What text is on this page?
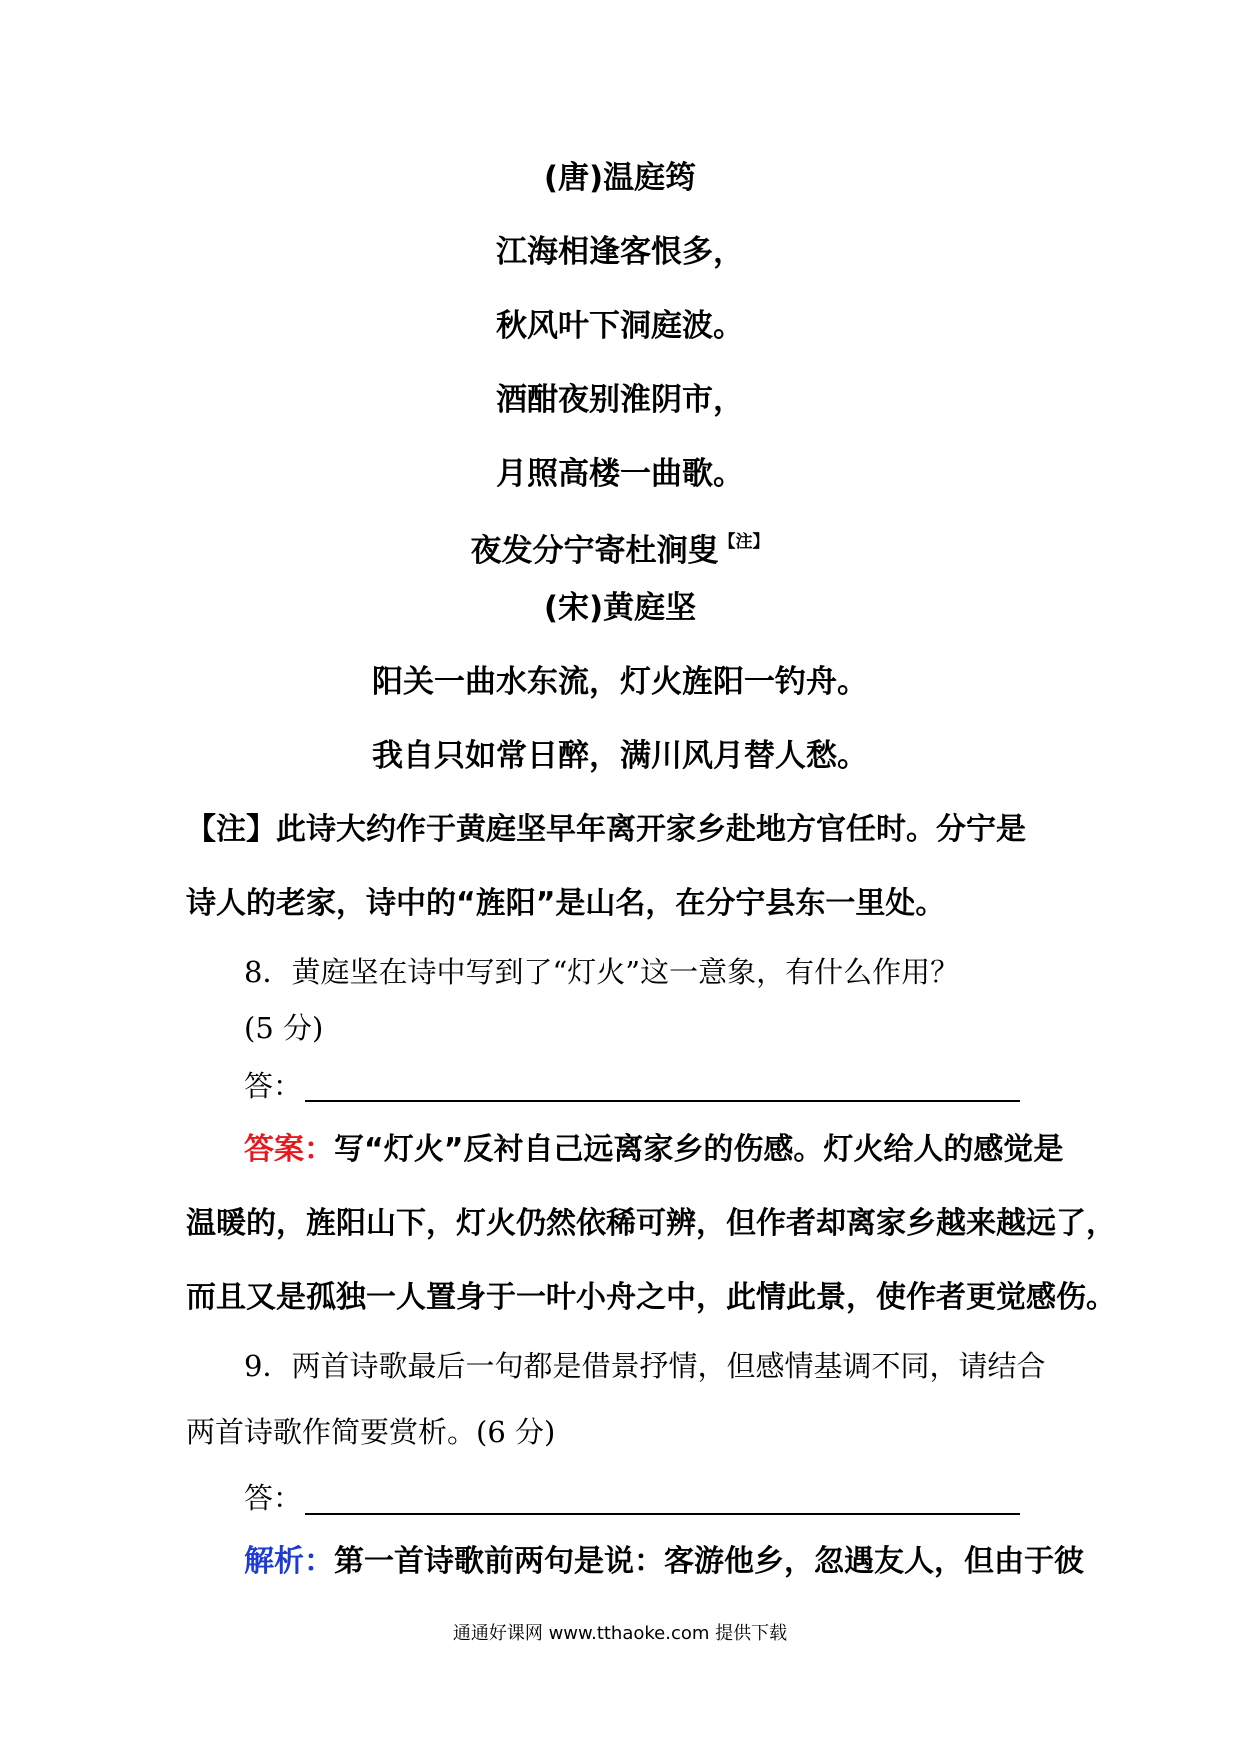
(唐)温庭筠
江海相逢客恨多，
秋风叶下洞庭波。
酒酣夜别淮阴市，
月照高楼一曲歌。
夜发分宁寄杜涧叟$^{【注】}$
(宋)黄庭坚
阳关一曲水东流，灯火旌阳一钓舟。
我自只如常日醉，满川风月替人愁。
【注】此诗大约作于黄庭坚早年离开家乡赴地方官任时。分宁是
诗人的老家，诗中的“旌阳”是山名，在分宁县东一里处。
8．黄庭坚在诗中写到了“灯火”这一意象，有什么作用？
(5 分)
答：
答案：写“灯火”反衬自己远离家乡的伤感。灯火给人的感觉是
温暖的，旌阳山下，灯火仍然依稀可辨，但作者却离家乡越来越远了，
而且又是孤独一人置身于一叶小舟之中，此情此景，使作者更觉感伤。
9．两首诗歌最后一句都是借景抒情，但感情基调不同，请结合
两首诗歌作简要赏析。(6 分)
答：
解析：第一首诗歌前两句是说：客游他乡，忽遇友人，但由于彼
通通好课网 www.tthaoke.com 提供下载
